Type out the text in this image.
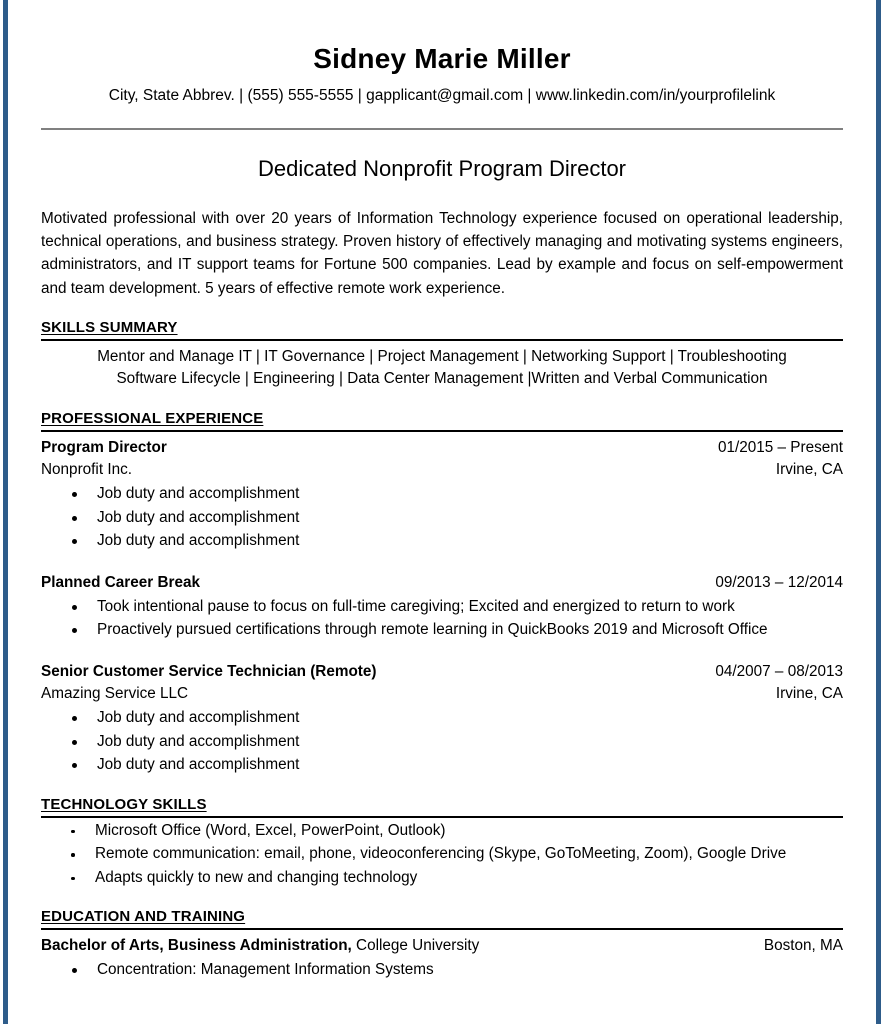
Sidney Marie Miller
City, State Abbrev. | (555) 555-5555 | gapplicant@gmail.com | www.linkedin.com/in/yourprofilelink
Dedicated Nonprofit Program Director
Motivated professional with over 20 years of Information Technology experience focused on operational leadership, technical operations, and business strategy. Proven history of effectively managing and motivating systems engineers, administrators, and IT support teams for Fortune 500 companies. Lead by example and focus on self-empowerment and team development. 5 years of effective remote work experience.
SKILLS SUMMARY
Mentor and Manage IT | IT Governance | Project Management | Networking Support | Troubleshooting
Software Lifecycle | Engineering | Data Center Management |Written and Verbal Communication
PROFESSIONAL EXPERIENCE
Program Director	01/2015 – Present
Nonprofit Inc.	Irvine, CA
Job duty and accomplishment
Job duty and accomplishment
Job duty and accomplishment
Planned Career Break	09/2013 – 12/2014
Took intentional pause to focus on full-time caregiving; Excited and energized to return to work
Proactively pursued certifications through remote learning in QuickBooks 2019 and Microsoft Office
Senior Customer Service Technician (Remote)	04/2007 – 08/2013
Amazing Service LLC	Irvine, CA
Job duty and accomplishment
Job duty and accomplishment
Job duty and accomplishment
TECHNOLOGY SKILLS
Microsoft Office (Word, Excel, PowerPoint, Outlook)
Remote communication: email, phone, videoconferencing (Skype, GoToMeeting, Zoom), Google Drive
Adapts quickly to new and changing technology
EDUCATION AND TRAINING
Bachelor of Arts, Business Administration, College University	Boston, MA
Concentration: Management Information Systems
